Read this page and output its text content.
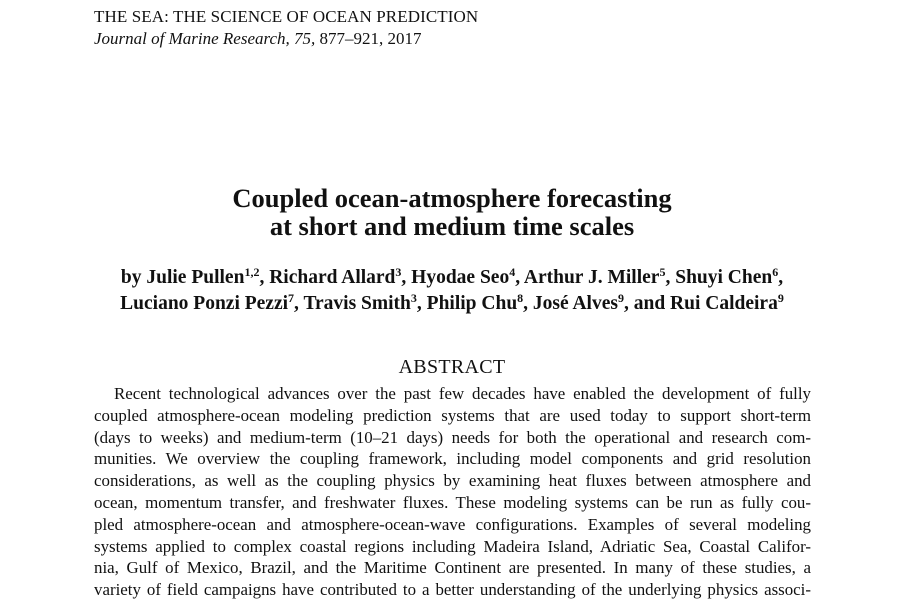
THE SEA: THE SCIENCE OF OCEAN PREDICTION
Journal of Marine Research, 75, 877–921, 2017
Coupled ocean-atmosphere forecasting
at short and medium time scales
by Julie Pullen$^{1,2}$, Richard Allard$^3$, Hyodae Seo$^4$, Arthur J. Miller$^5$, Shuyi Chen$^6$,
Luciano Ponzi Pezzi$^7$, Travis Smith$^3$, Philip Chu$^8$, José Alves$^9$, and Rui Caldeira$^9$
ABSTRACT
Recent technological advances over the past few decades have enabled the development of fully
coupled atmosphere-ocean modeling prediction systems that are used today to support short-term
(days to weeks) and medium-term (10–21 days) needs for both the operational and research com-
munities. We overview the coupling framework, including model components and grid resolution
considerations, as well as the coupling physics by examining heat fluxes between atmosphere and
ocean, momentum transfer, and freshwater fluxes. These modeling systems can be run as fully cou-
pled atmosphere-ocean and atmosphere-ocean-wave configurations. Examples of several modeling
systems applied to complex coastal regions including Madeira Island, Adriatic Sea, Coastal Califor-
nia, Gulf of Mexico, Brazil, and the Maritime Continent are presented. In many of these studies, a
variety of field campaigns have contributed to a better understanding of the underlying physics associ-
